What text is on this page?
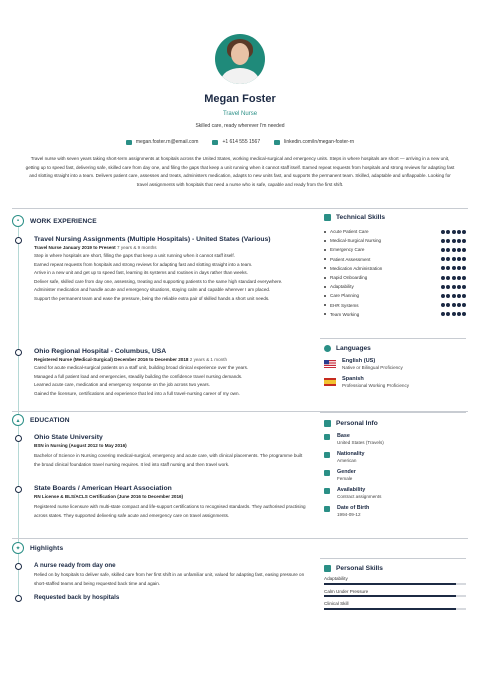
Megan Foster
Travel Nurse
Skilled care, ready wherever I'm needed
megan.foster.rn@email.com	+1 614 555 1567	linkedin.com/in/megan-foster-rn
Travel nurse with seven years taking short-term assignments at hospitals across the United States, working medical-surgical and emergency units. Steps in where hospitals are short — arriving in a new unit, getting up to speed fast, delivering safe, skilled care from day one, and filing the gaps that keep a unit running when it cannot staff itself. Earned repeat requests from hospitals and strong reviews for adapting fast and slotting straight into a team. Delivers patient care, assesses and treats, administers medication, adapts to new units fast, and supports the permanent team. Skilled, adaptable and unflappable. Looking for travel assignments with hospitals that need a nurse who is safe, capable and ready from the first shift.
▪	WORK EXPERIENCE
Travel Nursing Assignments (Multiple Hospitals) - United States (Various)
Travel Nurse January 2019 to Present 7 years & 9 months
Step in where hospitals are short, filling the gaps that keep a unit running when it cannot staff itself.
Earned repeat requests from hospitals and strong reviews for adapting fast and slotting straight into a team.
Arrive in a new unit and get up to speed fast, learning its systems and routines in days rather than weeks.
Deliver safe, skilled care from day one, assessing, treating and supporting patients to the same high standard everywhere.
Administer medication and handle acute and emergency situations, staying calm and capable wherever I am placed.
Support the permanent team and ease the pressure, being the reliable extra pair of skilled hands a short unit needs.
Ohio Regional Hospital - Columbus, USA
Registered Nurse (Medical-Surgical) December 2016 to December 2018 2 years & 1 month
Cared for acute medical-surgical patients on a staff unit, building broad clinical experience over the years.
Managed a full patient load and emergencies, steadily building the confidence travel nursing demands.
Learned acute care, medication and emergency response on the job across two years.
Gained the licensure, certifications and experience that led into a full travel-nursing career of my own.
▴	EDUCATION
Ohio State University
BSN in Nursing (August 2012 to May 2016)
Bachelor of Science in Nursing covering medical-surgical, emergency and acute care, with clinical placements. The programme built the broad clinical foundation travel nursing requires. It led into staff nursing and then travel work.
State Boards / American Heart Association
RN License & BLS/ACLS Certification (June 2016 to December 2016)
Registered nurse licensure with multi-state compact and life-support certifications to recognised standards. They authorised practising across states. They supported delivering safe acute and emergency care on travel assignments.
✦	Highlights
A nurse ready from day one
Relied on by hospitals to deliver safe, skilled care from her first shift in an unfamiliar unit, valued for adapting fast, easing pressure on short-staffed teams and being requested back time and again.
Requested back by hospitals
Technical Skills
Acute Patient Care
Medical-Surgical Nursing
Emergency Care
Patient Assessment
Medication Administration
Rapid Onboarding
Adaptability
Care Planning
EHR Systems
Team Working
Languages
English (US)
Native or Bilingual Proficiency
Spanish
Professional Working Proficiency
Personal Info
Base
United States (Travels)
Nationality
American
Gender
Female
Availability
Contract assignments
Date of Birth
1994-09-12
Personal Skills
Adaptability
Calm Under Pressure
Clinical Skill
